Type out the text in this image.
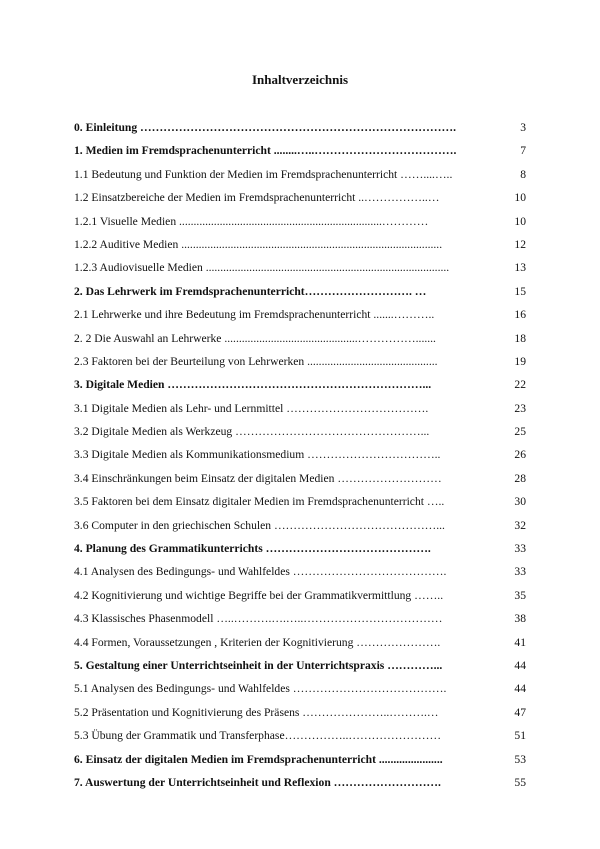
Inhaltverzeichnis
0. Einleitung ……………………………………………………………………….	3
1. Medien im Fremdsprachenunterricht ........…..……………………………….	7
1.1 Bedeutung und Funktion der Medien im Fremdsprachenunterricht ……....…..	8
1.2 Einsatzbereiche der Medien im Fremdsprachenunterricht ..……………..…	10
1.2.1 Visuelle Medien ......................................................................…………	10
1.2.2 Auditive Medien ..........................................................................................	12
1.2.3 Audiovisuelle Medien ....................................................................................	13
2. Das Lehrwerk im Fremdsprachenunterricht………………………. …	15
2.1 Lehrwerke und ihre Bedeutung im Fremdsprachenunterricht .......………..	16
2. 2 Die Auswahl an Lehrwerke ..............................................…………….......	18
2.3 Faktoren bei der Beurteilung von Lehrwerken .............................................	19
3. Digitale Medien …………………………………………………………...	22
3.1 Digitale Medien als Lehr- und Lernmittel ……………………………….	23
3.2 Digitale Medien als Werkzeug …………………………………………...	25
3.3 Digitale Medien als Kommunikationsmedium ……………………………..	26
3.4 Einschränkungen beim Einsatz der digitalen Medien ………………………	28
3.5 Faktoren bei dem Einsatz digitaler Medien im Fremdsprachenunterricht …..	30
3.6 Computer in den griechischen Schulen ……………………………………...	32
4. Planung des Grammatikunterrichts …………………………………….	33
4.1 Analysen des Bedingungs- und Wahlfeldes ………………………………….	33
4.2 Kognitivierung und wichtige Begriffe bei der Grammatikvermittlung ……..	35
4.3 Klassisches Phasenmodell …..……….….…..………………………………	38
4.4 Formen, Voraussetzungen , Kriterien der Kognitivierung ………………….	41
5. Gestaltung einer Unterrichtseinheit in der Unterrichtspraxis …………...	44
5.1 Analysen des Bedingungs- und Wahlfeldes ………………………………….	44
5.2 Präsentation und Kognitivierung des Präsens …………………..……….…	47
5.3 Übung der Grammatik und Transferphase……………..……………………	51
6. Einsatz der digitalen Medien im Fremdsprachenunterricht ......................	53
7. Auswertung der Unterrichtseinheit und Reflexion ……………………….	55
